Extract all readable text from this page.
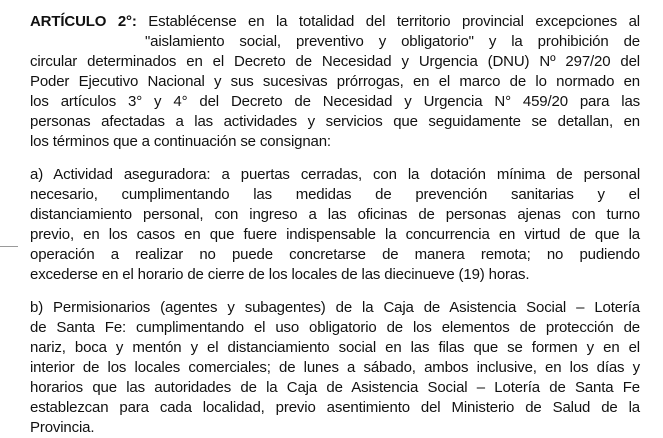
ARTÍCULO 2°: Establécense en la totalidad del territorio provincial excepciones al
"aislamiento social, preventivo y obligatorio" y la prohibición de
circular determinados en el Decreto de Necesidad y Urgencia (DNU) Nº 297/20 del
Poder Ejecutivo Nacional y sus sucesivas prórrogas, en el marco de lo normado en
los artículos 3° y 4° del Decreto de Necesidad y Urgencia N° 459/20 para las
personas afectadas a las actividades y servicios que seguidamente se detallan, en
los términos que a continuación se consignan:
a) Actividad aseguradora: a puertas cerradas, con la dotación mínima de personal
necesario, cumplimentando las medidas de prevención sanitarias y el
distanciamiento personal, con ingreso a las oficinas de personas ajenas con turno
previo, en los casos en que fuere indispensable la concurrencia en virtud de que la
operación a realizar no puede concretarse de manera remota; no pudiendo
excederse en el horario de cierre de los locales de las diecinueve (19) horas.
b) Permisionarios (agentes y subagentes) de la Caja de Asistencia Social – Lotería
de Santa Fe: cumplimentando el uso obligatorio de los elementos de protección de
nariz, boca y mentón y el distanciamiento social en las filas que se formen y en el
interior de los locales comerciales; de lunes a sábado, ambos inclusive, en los días y
horarios que las autoridades de la Caja de Asistencia Social – Lotería de Santa Fe
establezcan para cada localidad, previo asentimiento del Ministerio de Salud de la
Provincia.
